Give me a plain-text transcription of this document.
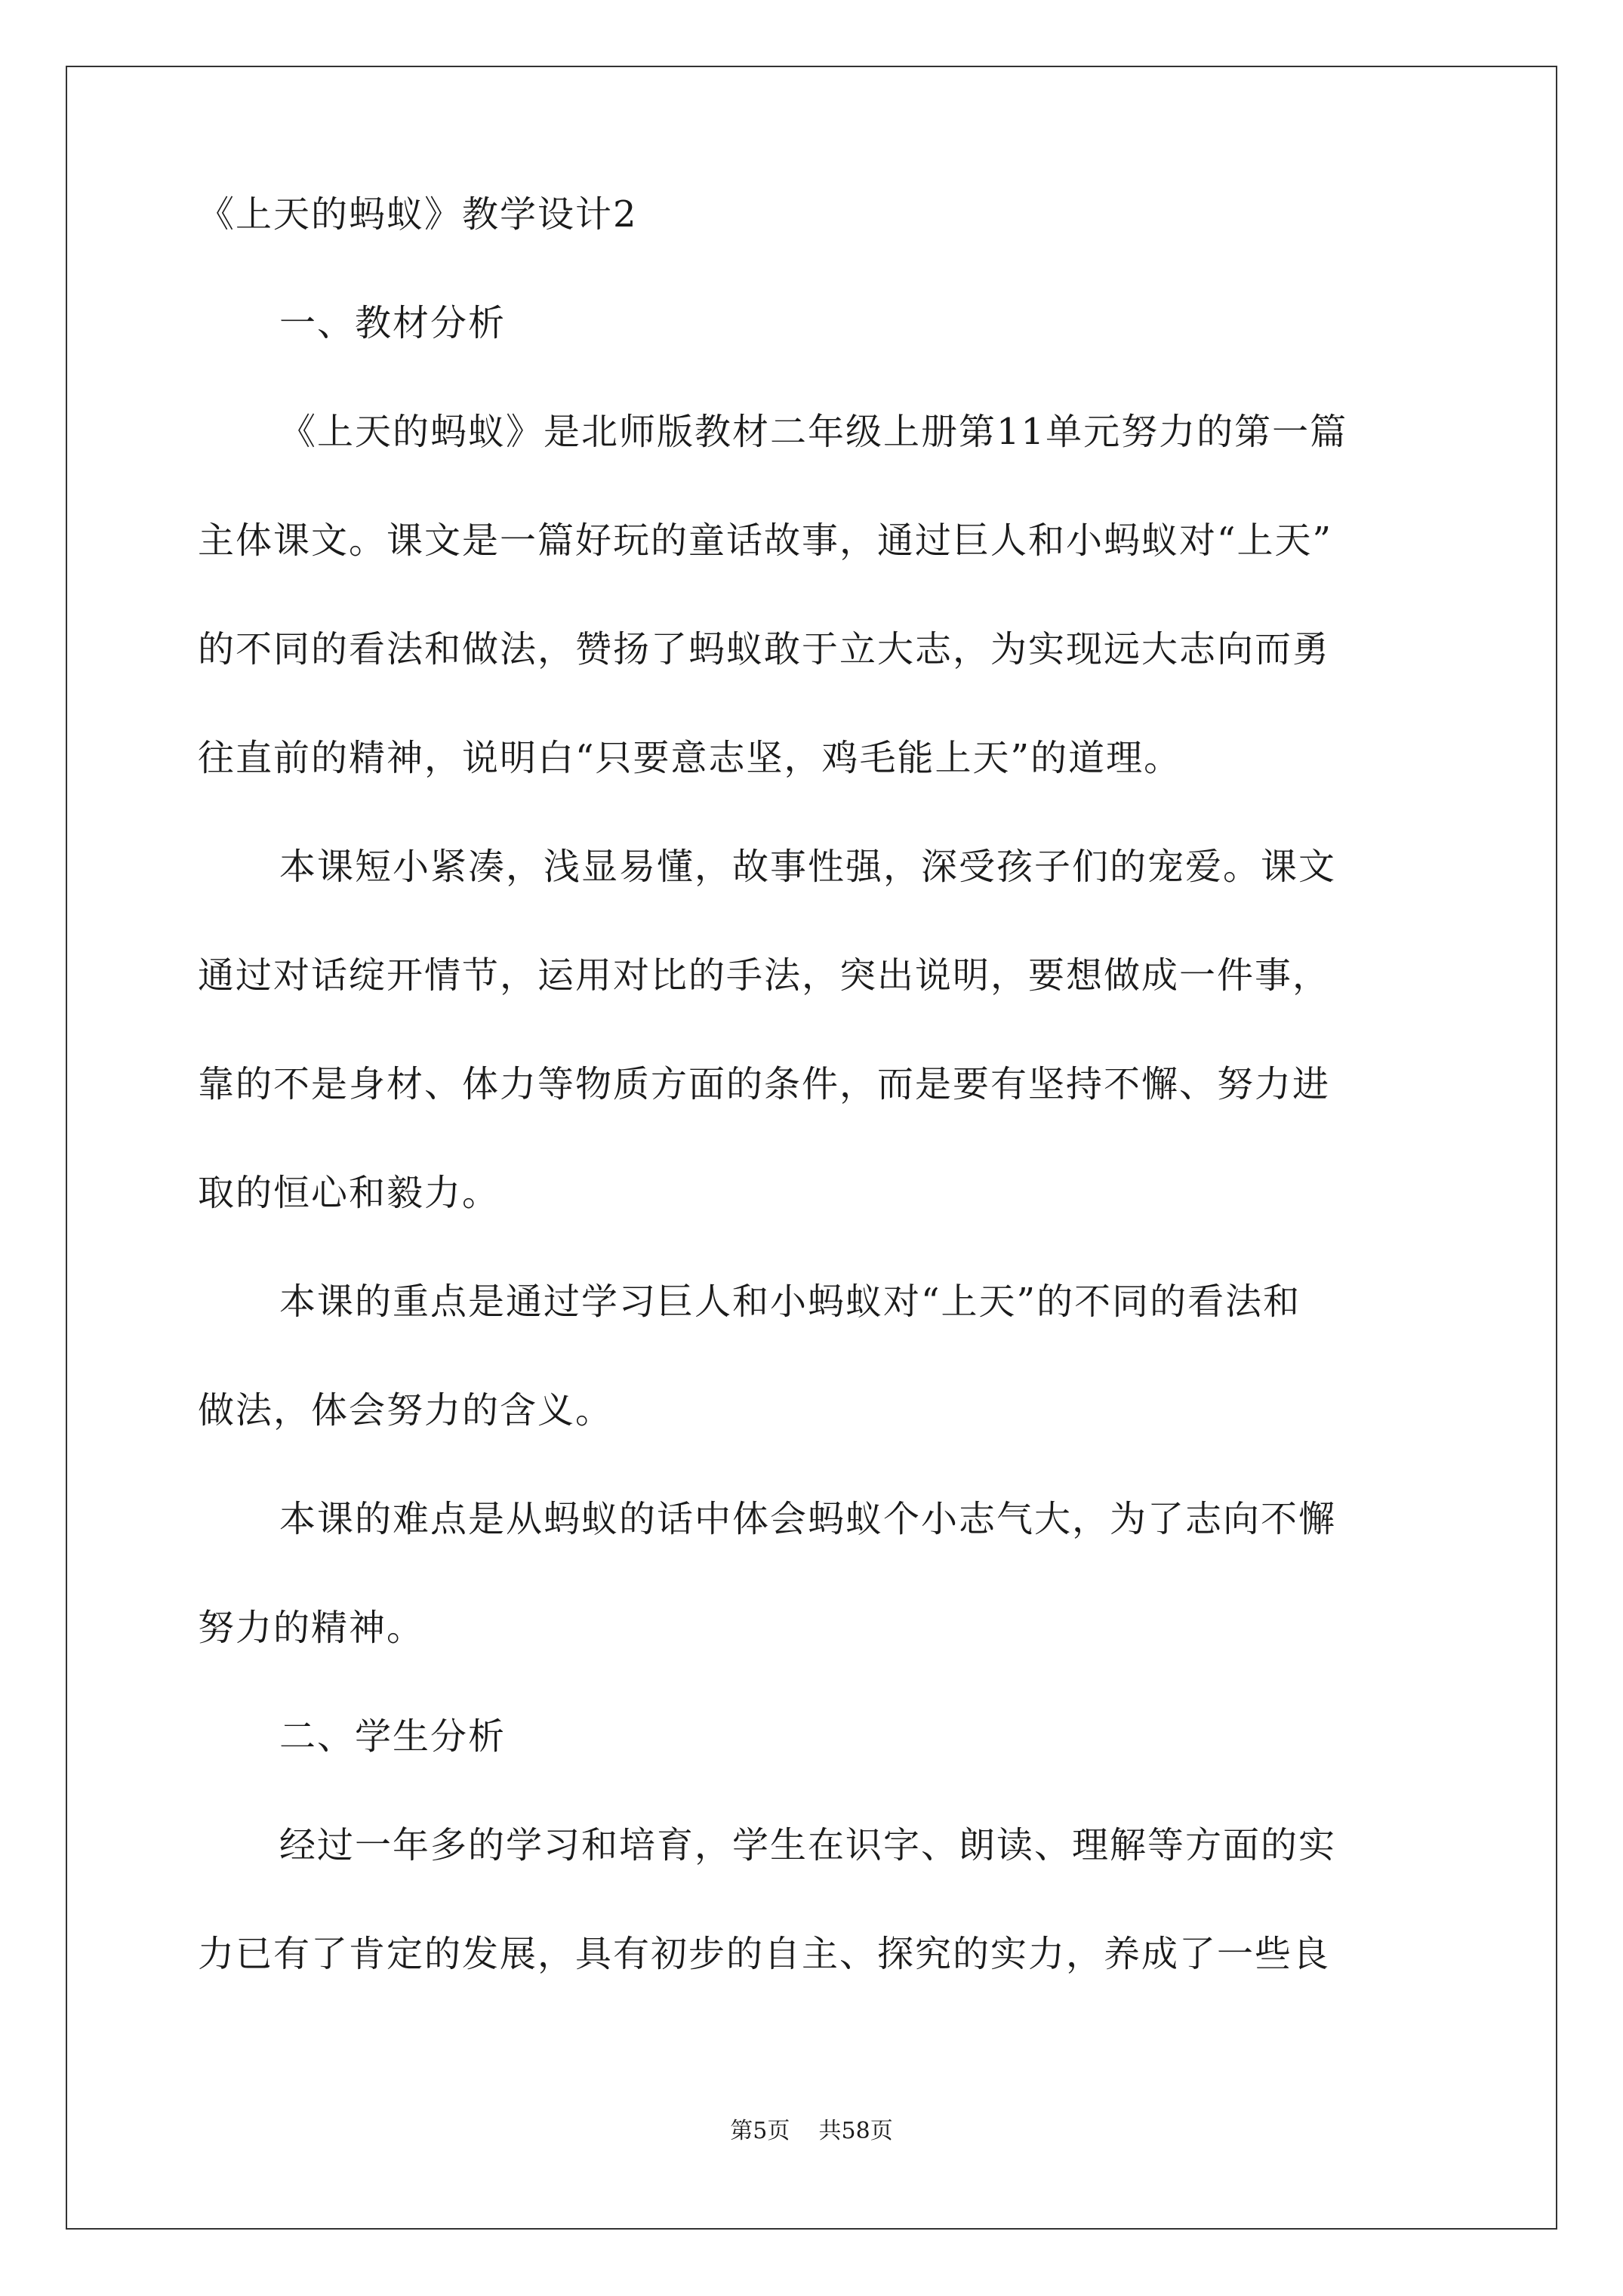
《上天的蚂蚁》教学设计2
一、教材分析
《上天的蚂蚁》是北师版教材二年级上册第11单元努力的第一篇
主体课文。课文是一篇好玩的童话故事，通过巨人和小蚂蚁对“上天”
的不同的看法和做法，赞扬了蚂蚁敢于立大志，为实现远大志向而勇
往直前的精神，说明白“只要意志坚，鸡毛能上天”的道理。
本课短小紧凑，浅显易懂，故事性强，深受孩子们的宠爱。课文
通过对话绽开情节，运用对比的手法，突出说明，要想做成一件事，
靠的不是身材、体力等物质方面的条件，而是要有坚持不懈、努力进
取的恒心和毅力。
本课的重点是通过学习巨人和小蚂蚁对“上天”的不同的看法和
做法，体会努力的含义。
本课的难点是从蚂蚁的话中体会蚂蚁个小志气大，为了志向不懈
努力的精神。
二、学生分析
经过一年多的学习和培育，学生在识字、朗读、理解等方面的实
力已有了肯定的发展，具有初步的自主、探究的实力，养成了一些良
第5页    共58页
